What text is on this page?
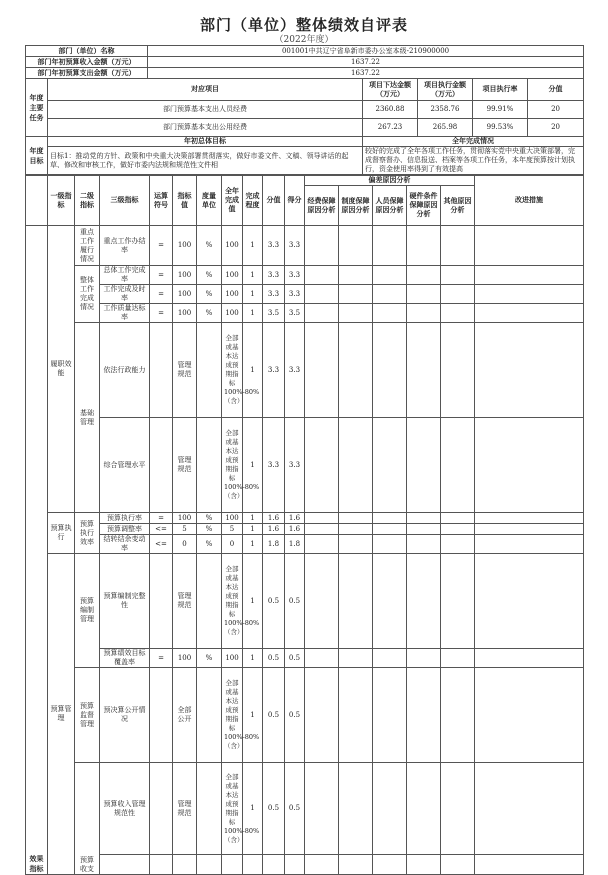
部门（单位）整体绩效自评表
（2022年度）
部门（单位）名称		001001中共辽宁省阜新市委办公室本级-210900000				
部门年初预算收入金额（万元）		1637.22				
部门年初预算支出金额（万元）		1637.22				
年度主要任务	对应项目		项目下达金额（万元）	项目执行金额（万元）	项目执行率	分值
	部门预算基本支出人员经费		2360.88	2358.76	99.91%	20
	部门预算基本支出公用经费		267.23	265.98	99.53%	20
年度目标	年初总体目标		全年完成情况			
	目标1：推动党的方针、政策和中央重大决策部署贯彻落实，做好市委文件、文稿、领导讲话的起草、修改和审核工作，做好市委内法规和规范性文件相		较好的完成了全年各项工作任务，贯彻落实党中央重大决策部署，完成督察督办、信息报送、档案等各项工作任务，本年度预算按计划执行，资金使用率得到了有效提高			
	一级指标	二级指标	三级指标	运算符号	指标值	度量单位	全年完成值	完成程度	分值	得分	偏差原因分析					改进措施
											经费保障原因分析	制度保障原因分析	人员保障原因分析	硬件条件保障原因分析	其他原因分析	
	履职效能	重点工作履行情况	重点工作办结率	=	100	%	100	1	3.3	3.3						
		整体工作完成情况	总体工作完成率	=	100	%	100	1	3.3	3.3						
			工作完成及时率	=	100	%	100	1	3.3	3.3						
			工作质量达标率	=	100	%	100	1	3.5	3.5						
		基础管理	依法行政能力		管理规范		全部或基本达成预期指标100%-80%（含）	1	3.3	3.3						
			综合管理水平		管理规范		全部或基本达成预期指标100%-80%（含）	1	3.3	3.3						
效果指标	预算执行	预算执行效率	预算执行率	=	100	%	100	1	1.6	1.6						
			预算调整率	<=	5	%	5	1	1.6	1.6						
			结转结余变动率	<=	0	%	0	1	1.8	1.8						
	预算管理	预算编制管理	预算编制完整性		管理规范		全部或基本达成预期指标100%-80%（含）	1	0.5	0.5						
			预算绩效目标覆盖率	=	100	%	100	1	0.5	0.5						
		预算监督管理	预决算公开情况		全部公开		全部或基本达成预期指标100%-80%（含）	1	0.5	0.5						
		预算收支	预算收入管理规范性		管理规范		全部或基本达成预期指标100%-80%（含）	1	0.5	0.5						
